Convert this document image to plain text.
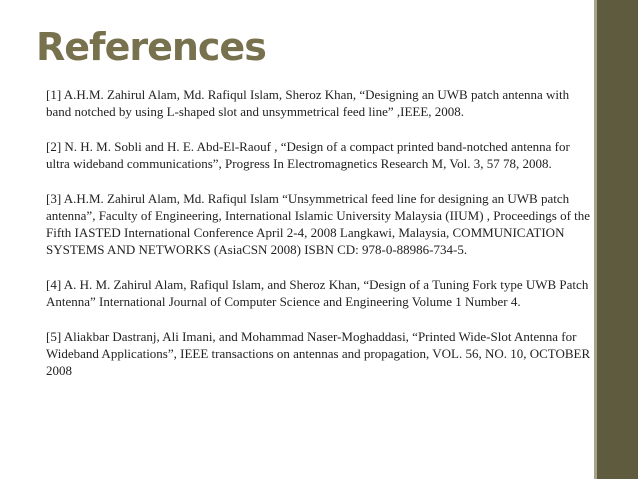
References

[1] A.H.M. Zahirul Alam, Md. Rafiqul Islam, Sheroz Khan, “Designing an UWB patch antenna with band notched by using L-shaped slot and unsymmetrical feed line” ,IEEE, 2008.

[2] N. H. M. Sobli and H. E. Abd-El-Raouf , “Design of a compact printed band-notched antenna for ultra wideband communications”, Progress In Electromagnetics Research M, Vol. 3, 57 78, 2008.

[3] A.H.M. Zahirul Alam, Md. Rafiqul Islam “Unsymmetrical feed line for designing an UWB patch antenna”, Faculty of Engineering, International Islamic University Malaysia (IIUM) , Proceedings of the Fifth IASTED International Conference April 2-4, 2008 Langkawi, Malaysia, COMMUNICATION SYSTEMS AND NETWORKS (AsiaCSN 2008) ISBN CD: 978-0-88986-734-5.

[4] A. H. M. Zahirul Alam, Rafiqul Islam, and Sheroz Khan, “Design of a Tuning Fork type UWB Patch Antenna” International Journal of Computer Science and Engineering Volume 1 Number 4.

[5] Aliakbar Dastranj, Ali Imani, and Mohammad Naser-Moghaddasi, “Printed Wide-Slot Antenna for Wideband Applications”, IEEE transactions on antennas and propagation, VOL. 56, NO. 10, OCTOBER 2008
